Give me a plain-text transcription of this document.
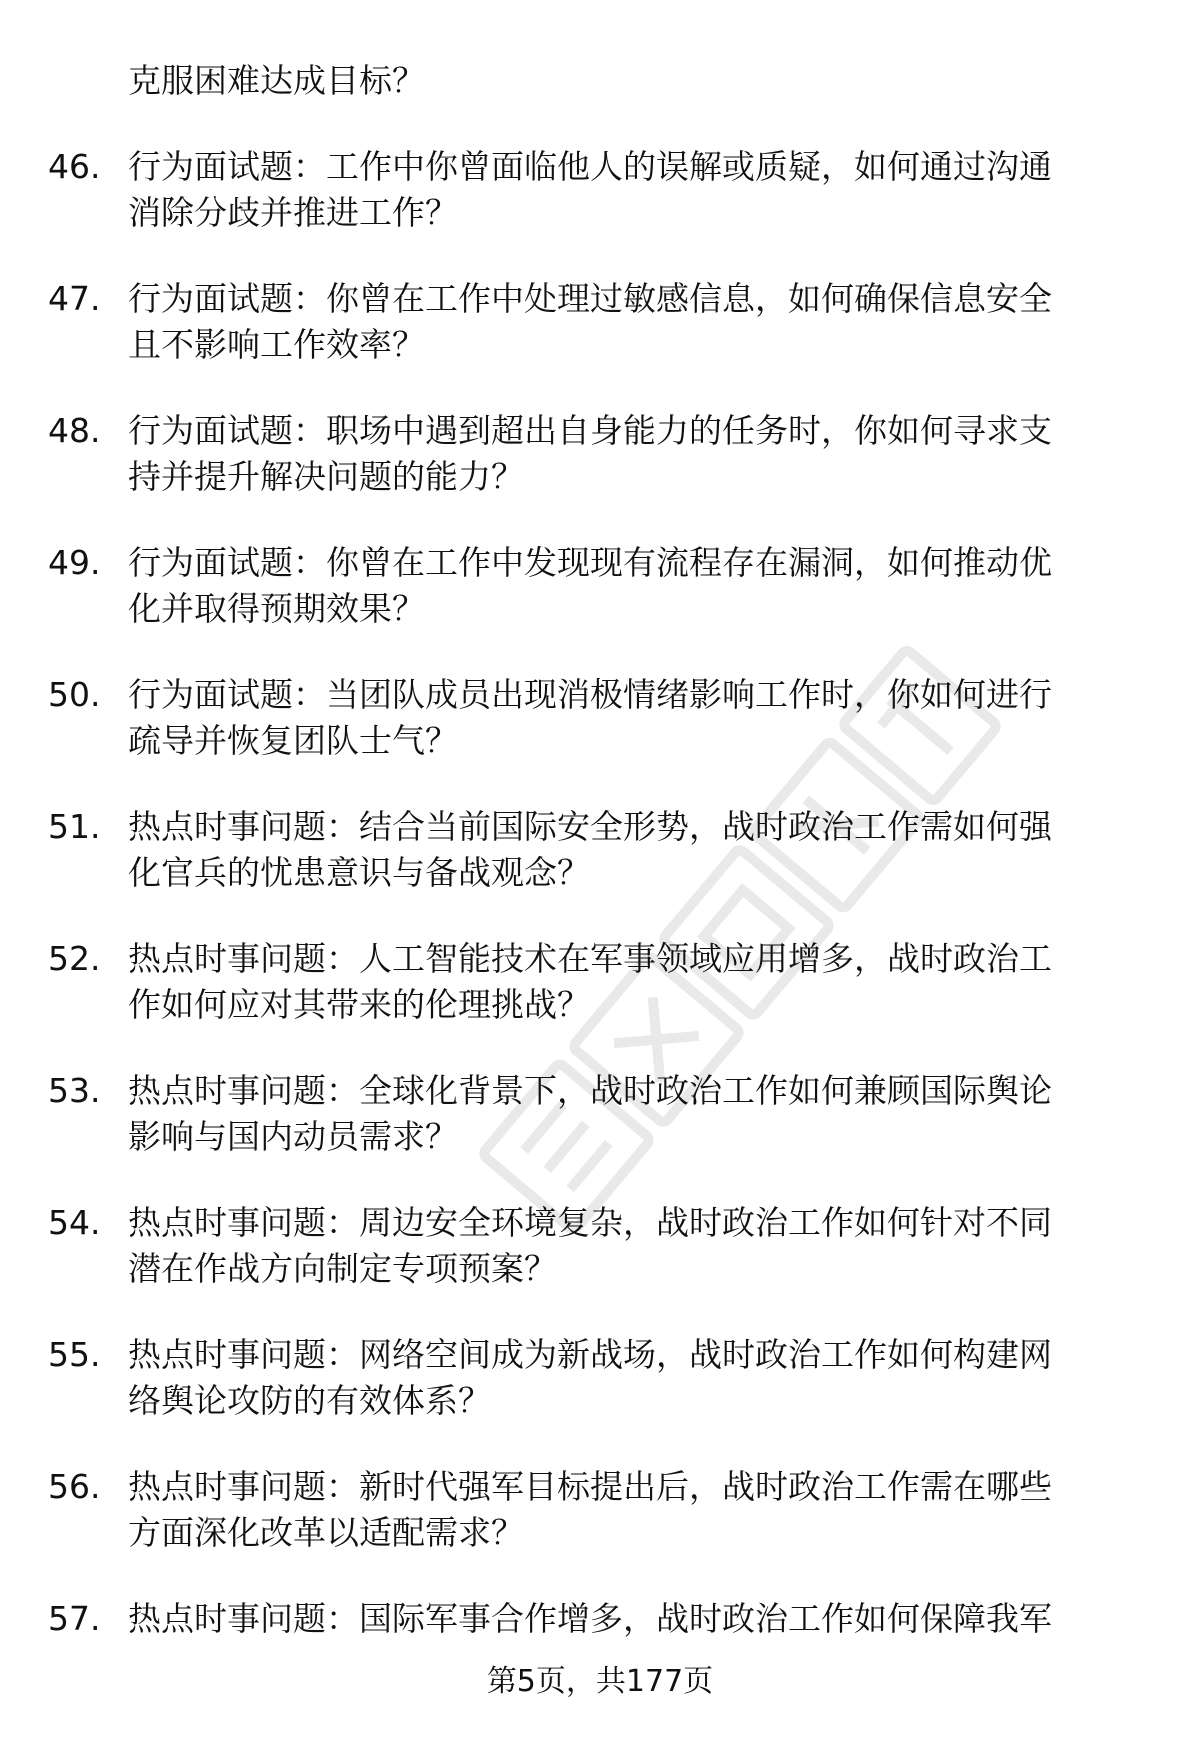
克服困难达成目标？
46. 行为面试题：工作中你曾面临他人的误解或质疑，如何通过沟通
消除分歧并推进工作？
47. 行为面试题：你曾在工作中处理过敏感信息，如何确保信息安全
且不影响工作效率？
48. 行为面试题：职场中遇到超出自身能力的任务时，你如何寻求支
持并提升解决问题的能力？
49. 行为面试题：你曾在工作中发现现有流程存在漏洞，如何推动优
化并取得预期效果？
50. 行为面试题：当团队成员出现消极情绪影响工作时，你如何进行
疏导并恢复团队士气？
51. 热点时事问题：结合当前国际安全形势，战时政治工作需如何强
化官兵的忧患意识与备战观念？
52. 热点时事问题：人工智能技术在军事领域应用增多，战时政治工
作如何应对其带来的伦理挑战？
53. 热点时事问题：全球化背景下，战时政治工作如何兼顾国际舆论
影响与国内动员需求？
54. 热点时事问题：周边安全环境复杂，战时政治工作如何针对不同
潜在作战方向制定专项预案？
55. 热点时事问题：网络空间成为新战场，战时政治工作如何构建网
络舆论攻防的有效体系？
56. 热点时事问题：新时代强军目标提出后，战时政治工作需在哪些
方面深化改革以适配需求？
57. 热点时事问题：国际军事合作增多，战时政治工作如何保障我军
第5页，共177页
